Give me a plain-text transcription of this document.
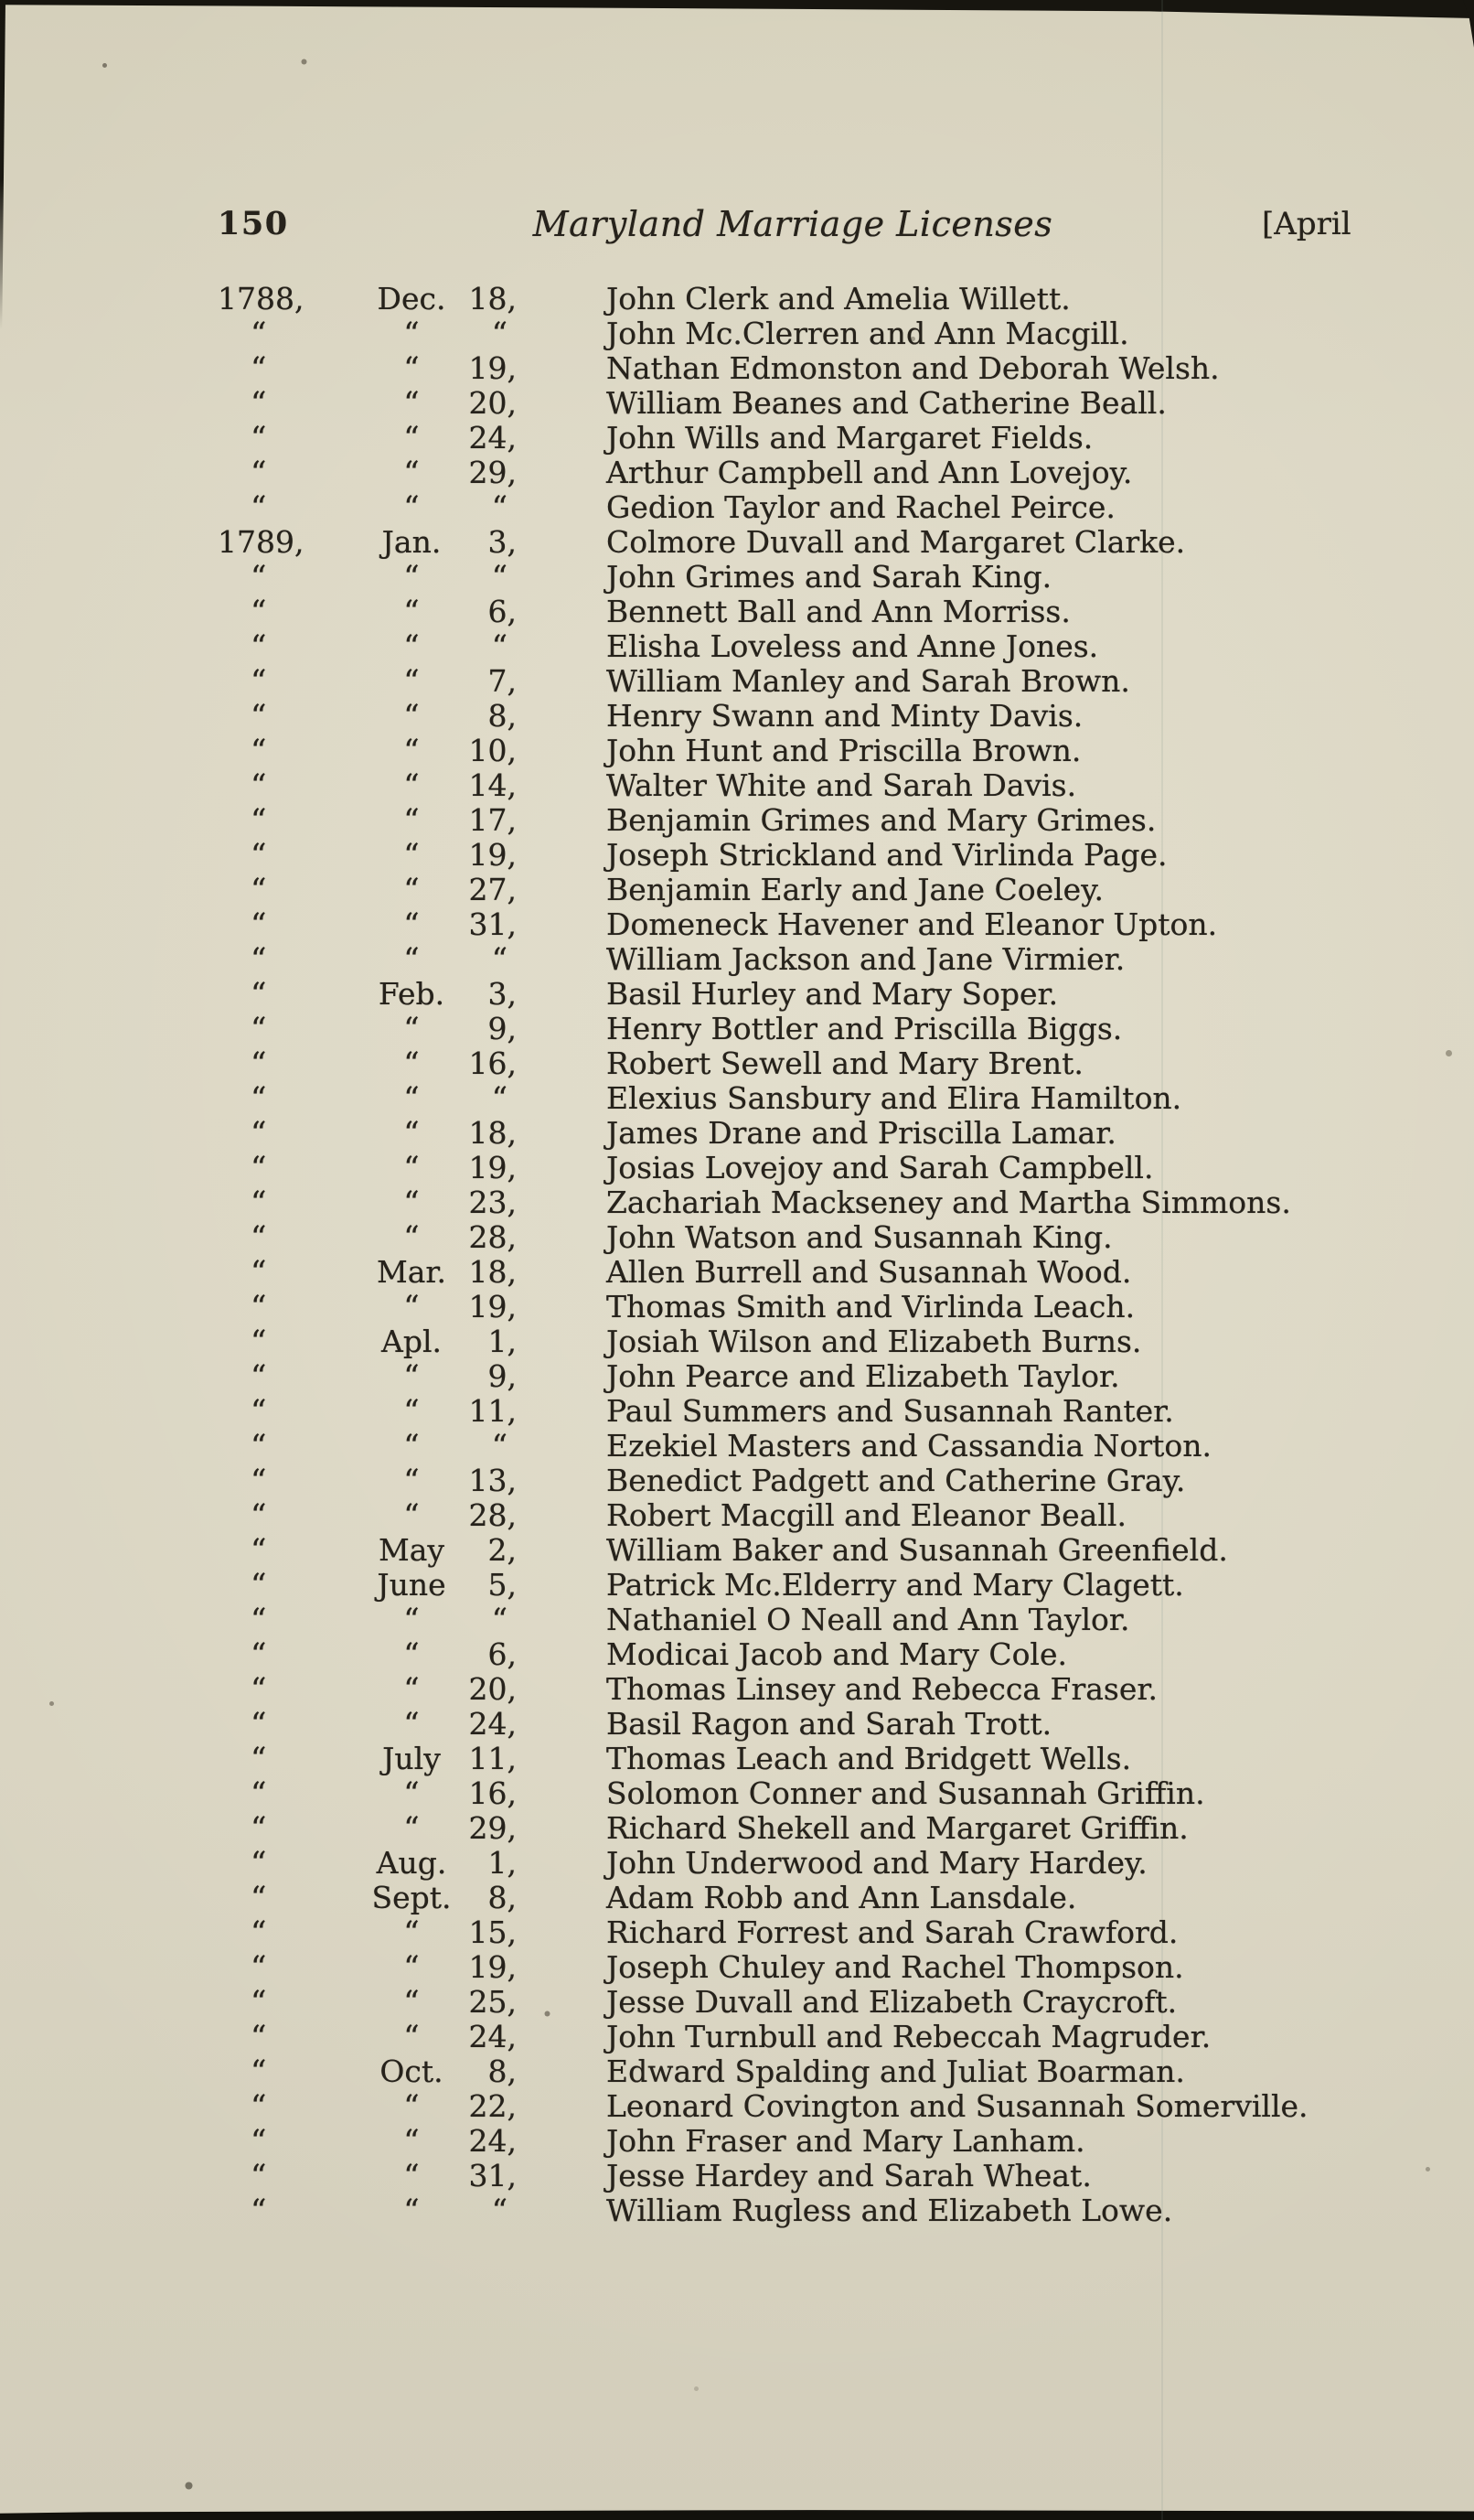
150	Maryland Marriage Licenses	[April
1788,	Dec. 18,	John Clerk and Amelia Willett.
“	“	“	John Mc.Clerren and Ann Macgill.
“	“	19,	Nathan Edmonston and Deborah Welsh.
“	“	20,	William Beanes and Catherine Beall.
“	“	24,	John Wills and Margaret Fields.
“	“	29,	Arthur Campbell and Ann Lovejoy.
“	“	“	Gedion Taylor and Rachel Peirce.
1789,	Jan.	3,	Colmore Duvall and Margaret Clarke.
“	“	“	John Grimes and Sarah King.
“	“	6,	Bennett Ball and Ann Morriss.
“	“	“	Elisha Loveless and Anne Jones.
“	“	7,	William Manley and Sarah Brown.
“	“	8,	Henry Swann and Minty Davis.
“	“	10,	John Hunt and Priscilla Brown.
“	“	14,	Walter White and Sarah Davis.
“	“	17,	Benjamin Grimes and Mary Grimes.
“	“	19,	Joseph Strickland and Virlinda Page.
“	“	27,	Benjamin Early and Jane Coeley.
“	“	31,	Domeneck Havener and Eleanor Upton.
“	“	“	William Jackson and Jane Virmier.
“	Feb.	3,	Basil Hurley and Mary Soper.
“	“	9,	Henry Bottler and Priscilla Biggs.
“	“	16,	Robert Sewell and Mary Brent.
“	“	“	Elexius Sansbury and Elira Hamilton.
“	“	18,	James Drane and Priscilla Lamar.
“	“	19,	Josias Lovejoy and Sarah Campbell.
“	“	23,	Zachariah Mackseney and Martha Simmons.
“	“	28,	John Watson and Susannah King.
“	Mar. 18,	Allen Burrell and Susannah Wood.
“	“	19,	Thomas Smith and Virlinda Leach.
“	Apl.	1,	Josiah Wilson and Elizabeth Burns.
“	“	9,	John Pearce and Elizabeth Taylor.
“	“	11,	Paul Summers and Susannah Ranter.
“	“	“	Ezekiel Masters and Cassandia Norton.
“	“	13,	Benedict Padgett and Catherine Gray.
“	“	28,	Robert Macgill and Eleanor Beall.
“	May	2,	William Baker and Susannah Greenfield.
“	June	5,	Patrick Mc.Elderry and Mary Clagett.
“	“	“	Nathaniel O Neall and Ann Taylor.
“	“	6,	Modicai Jacob and Mary Cole.
“	“	20,	Thomas Linsey and Rebecca Fraser.
“	“	24,	Basil Ragon and Sarah Trott.
“	July 11,	Thomas Leach and Bridgett Wells.
“	“	16,	Solomon Conner and Susannah Griffin.
“	“	29,	Richard Shekell and Margaret Griffin.
“	Aug.	1,	John Underwood and Mary Hardey.
“	Sept.	8,	Adam Robb and Ann Lansdale.
“	“	15,	Richard Forrest and Sarah Crawford.
“	“	19,	Joseph Chuley and Rachel Thompson.
“	“	25,	Jesse Duvall and Elizabeth Craycroft.
“	“	24,	John Turnbull and Rebeccah Magruder.
“	Oct.	8,	Edward Spalding and Juliat Boarman.
“	“	22,	Leonard Covington and Susannah Somerville.
“	“	24,	John Fraser and Mary Lanham.
“	“	31,	Jesse Hardey and Sarah Wheat.
“	“	“	William Rugless and Elizabeth Lowe.
